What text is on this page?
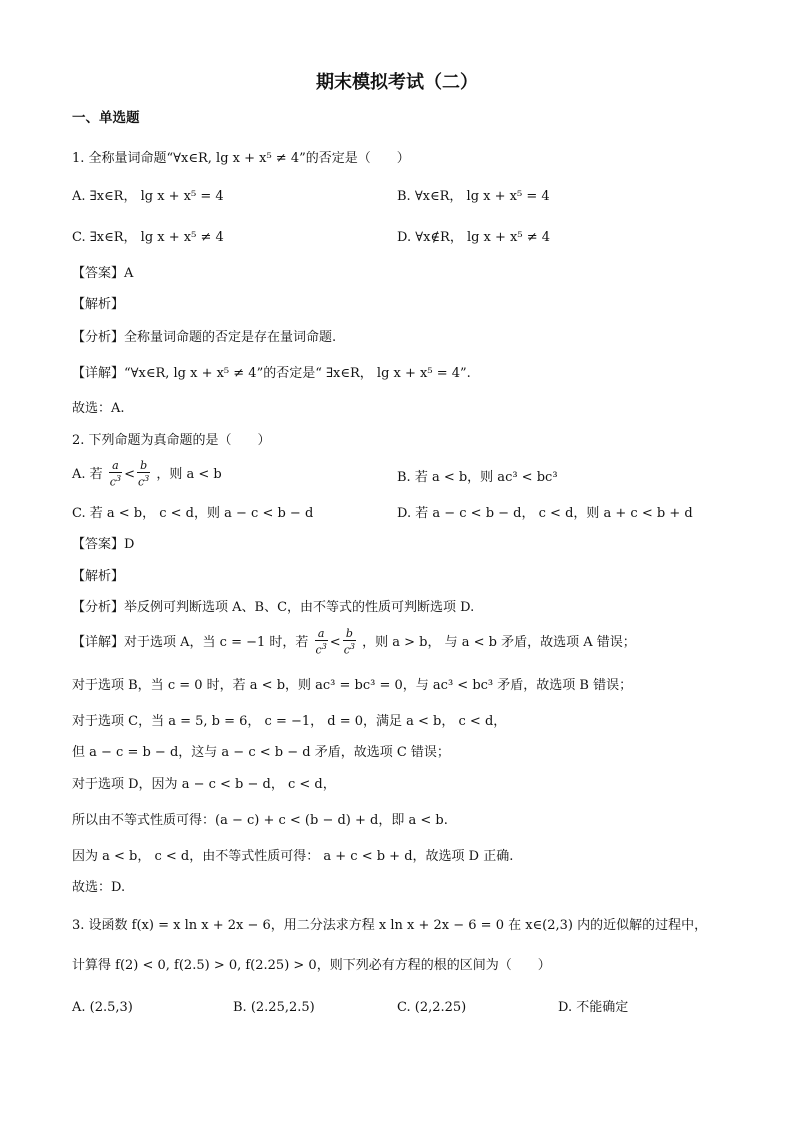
期末模拟考试（二）
一、单选题
1. 全称量词命题“∀x∈R, lg x + x⁵ ≠ 4”的否定是（　　）
A. ∃x∈R， lg x + x⁵ = 4	B. ∀x∈R， lg x + x⁵ = 4
C. ∃x∈R， lg x + x⁵ ≠ 4	D. ∀x∉R， lg x + x⁵ ≠ 4
【答案】A
【解析】
【分析】全称量词命题的否定是存在量词命题.
【详解】“∀x∈R, lg x + x⁵ ≠ 4”的否定是“ ∃x∈R， lg x + x⁵ = 4”.
故选：A.
2. 下列命题为真命题的是（　　）
A. 若 $\frac{a}{c^3} < \frac{b}{c^3}$ ，则 a < b	B. 若 a < b，则 ac³ < bc³
C. 若 a < b， c < d，则 a − c < b − d	D. 若 a − c < b − d， c < d，则 a + c < b + d
【答案】D
【解析】
【分析】举反例可判断选项 A、B、C，由不等式的性质可判断选项 D.
【详解】对于选项 A，当 c = −1 时，若 $\frac{a}{c^3} < \frac{b}{c^3}$ ，则 a > b， 与 a < b 矛盾，故选项 A 错误；
对于选项 B，当 c = 0 时，若 a < b，则 ac³ = bc³ = 0，与 ac³ < bc³ 矛盾，故选项 B 错误；
对于选项 C，当 a = 5, b = 6， c = −1， d = 0，满足 a < b， c < d，
但 a − c = b − d，这与 a − c < b − d 矛盾，故选项 C 错误；
对于选项 D，因为 a − c < b − d， c < d，
所以由不等式性质可得：(a − c) + c < (b − d) + d，即 a < b.
因为 a < b， c < d，由不等式性质可得： a + c < b + d，故选项 D 正确.
故选：D.
3. 设函数 f(x) = x ln x + 2x − 6，用二分法求方程 x ln x + 2x − 6 = 0 在 x∈(2,3) 内的近似解的过程中，
计算得 f(2) < 0, f(2.5) > 0, f(2.25) > 0，则下列必有方程的根的区间为（　　）
A. (2.5,3)	B. (2.25,2.5)	C. (2,2.25)	D. 不能确定
